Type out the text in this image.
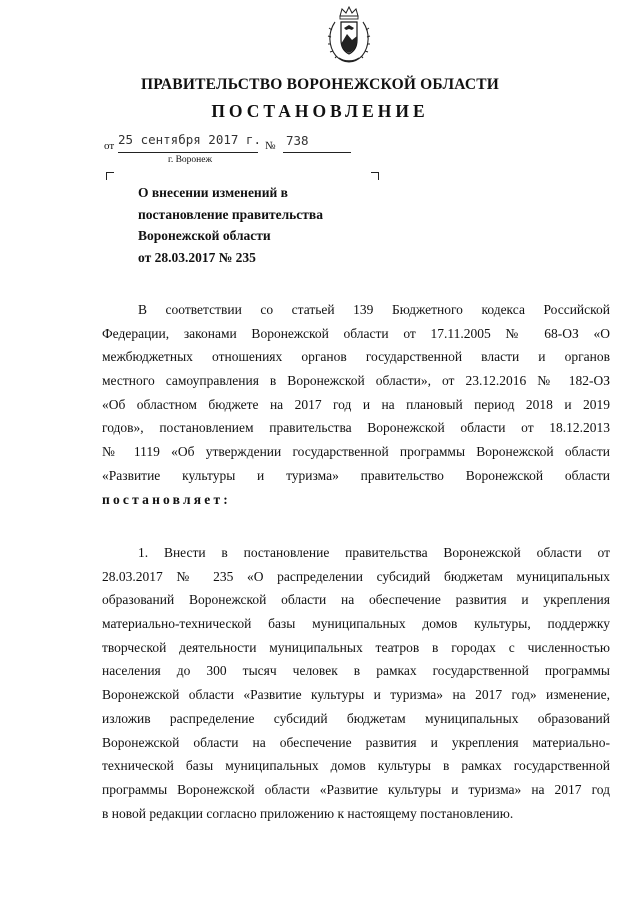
ПРАВИТЕЛЬСТВО ВОРОНЕЖСКОЙ ОБЛАСТИ
ПОСТАНОВЛЕНИЕ
от 25 сентября 2017 г. № 738
г. Воронеж
О внесении изменений в
постановление правительства
Воронежской области
от 28.03.2017 № 235
В соответствии со статьей 139 Бюджетного кодекса Российской
Федерации, законами Воронежской области от 17.11.2005 № 68-ОЗ «О
межбюджетных отношениях органов государственной власти и органов
местного самоуправления в Воронежской области», от 23.12.2016 № 182-ОЗ
«Об областном бюджете на 2017 год и на плановый период 2018 и 2019
годов», постановлением правительства Воронежской области от 18.12.2013
№ 1119 «Об утверждении государственной программы Воронежской области
«Развитие культуры и туризма» правительство Воронежской области
постановляет:
1. Внести в постановление правительства Воронежской области от
28.03.2017 № 235 «О распределении субсидий бюджетам муниципальных
образований Воронежской области на обеспечение развития и укрепления
материально-технической базы муниципальных домов культуры, поддержку
творческой деятельности муниципальных театров в городах с численностью
населения до 300 тысяч человек в рамках государственной программы
Воронежской области «Развитие культуры и туризма» на 2017 год» изменение,
изложив распределение субсидий бюджетам муниципальных образований
Воронежской области на обеспечение развития и укрепления материально-
технической базы муниципальных домов культуры в рамках государственной
программы Воронежской области «Развитие культуры и туризма» на 2017 год
в новой редакции согласно приложению к настоящему постановлению.
